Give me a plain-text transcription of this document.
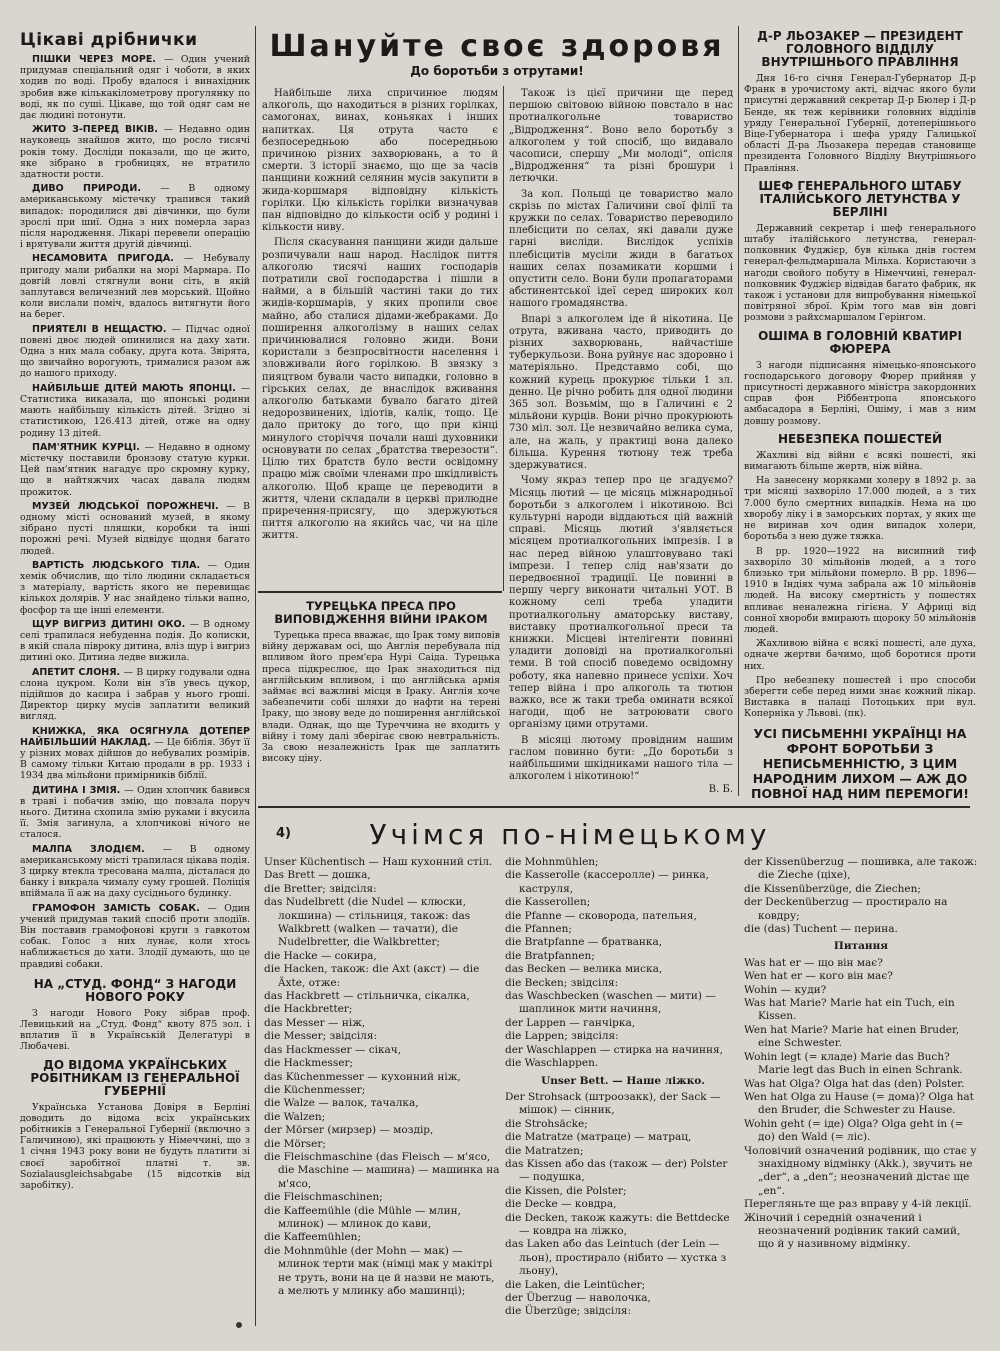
Цікаві дрібнички

ПІШКИ ЧЕРЕЗ МОРЕ. — Один учений придумав спеціальний одяг і чоботи, в яких ходив по воді. Пробу вдалося і винахідник зробив вже кількакілометрову прогулянку по воді, як по суші. Цікаве, що той одяг сам не дає людині потонути.

ЖИТО З-ПЕРЕД ВІКІВ. — Недавно один науковець знайшов жито, що росло тисячі років тому. Досліди показали, що це жито, яке зібрано в гробницях, не втратило здатности рости.

ДИВО ПРИРОДИ. — В одному американському містечку трапився такий випадок: породилися дві дівчинки, що були зрослі при шиї. Одна з них померла зараз після народження. Лікарі перевели операцію і врятували життя другій дівчинці.

НЕСАМОВИТА ПРИГОДА. — Небувалу пригоду мали рибалки на морі Мармара. По довгій ловлі стягнули вони сіть, в якій заплутався величезний лев морський. Щойно коли вислали поміч, вдалось витягнути його на берег.

ПРИЯТЕЛІ В НЕЩАСТЮ. — Підчас одної повені двоє людей опинилися на даху хати. Одна з них мала собаку, друга кота. Звірята, що звичайно ворогують, трималися разом аж до нашого приходу.

НАЙБІЛЬШЕ ДІТЕЙ МАЮТЬ ЯПОНЦІ. — Статистика виказала, що японські родини мають найбільшу кількість дітей. Згідно зі статистикою, 126.413 дітей, отже на одну родину 13 дітей.

ПАМ'ЯТНИК КУРЦІ. — Недавно в одному містечку поставили бронзову статую курки. Цей пам'ятник нагадує про скромну курку, що в найтяжчих часах давала людям прожиток.

МУЗЕЙ ЛЮДСЬКОЇ ПОРОЖНЕЧІ. — В одному місті оснований музей, в якому зібрано пусті пляшки, коробки та інші порожні речі. Музей відвідує щодня багато людей.

ВАРТІСТЬ ЛЮДСЬКОГО ТІЛА. — Один хемік обчислив, що тіло людини складається з матеріалу, вартість якого не перевищає кількох долярів. У нас знайдено тільки вапно, фосфор та ще інші елементи.

ЩУР ВИГРИЗ ДИТИНІ ОКО. — В одному селі трапилася небуденна подія. До колиски, в якій спала півроку дитина, вліз щур і вигриз дитині око. Дитина ледве вижила.

АПЕТИТ СЛОНЯ. — В цирку годували одна слона цукром. Коли він з'їв увесь цукор, підійшов до касира і забрав у нього гроші. Директор цирку мусів заплатити великий вигляд.

КНИЖКА, ЯКА ОСЯГНУЛА ДОТЕПЕР НАЙБІЛЬШИЙ НАКЛАД. — Це біблія. Збут її у різних мовах дійшов до небувалих розмірів. В самому тільки Китаю продали в рр. 1933 і 1934 два мільйони примірників біблії.

ДИТИНА І ЗМІЯ. — Один хлопчик бавився в траві і побачив змію, що повзала поруч нього. Дитина схопила змію руками і вкусила її. Змія загинула, а хлопчикові нічого не сталося.

МАЛПА ЗЛОДІЄМ. — В одному американському місті трапилася цікава подія. З цирку втекла тресована малпа, дісталася до банку і викрала чималу суму грошей. Поліція впіймала її аж на даху сусіднього будинку.

ГРАМОФОН ЗАМІСТЬ СОБАК. — Один учений придумав такий спосіб проти злодіїв. Він поставив грамофонові круги з гавкотом собак. Голос з них лунає, коли хтось наближається до хати. Злодії думають, що це правдиві собаки.

НА „СТУД. ФОНД“ З НАГОДИ НОВОГО РОКУ

З нагоди Нового Року зібрав проф. Левицький на „Студ. Фонд“ квоту 875 зол. і вплатив її в Українській Делегатурі в Любачеві.

ДО ВІДОМА УКРАЇНСЬКИХ РОБІТНИКАМ ІЗ ГЕНЕРАЛЬНОЇ ГУБЕРНІЇ

Українська Установа Довіря в Берліні доводить до відома всіх українських робітників з Генеральної Губернії (включно з Галичиною), які працюють у Німеччині, що з 1 січня 1943 року вони не будуть платити зі своєї заробітної платні т. зв. Sozialausgleichsabgabe (15 відсотків від заробітку).

Шануйте своє здоровя
До боротьби з отрутами!

Найбільше лиха спричинюе людям алкоголь, що находиться в різних горілках, самогонах, винах, коньяках і інших напитках. Ця отрута часто є безпосередньою або посередньою причиною різних захворювань, а то й смерти. З історії знаємо, що ще за часів панщини кожний селянин мусів закупити в жида-коршмаря відповідну кількість горілки. Цю кількість горілки визначував пан відповідно до кількости осіб у родині і кількости ниву.

Після скасування панщини жиди дальше розпичували наш народ. Наслідок пиття алкоголю тисячі наших господарів потратили свої господарства і пішли в найми, а в більшій частині таки до тих жидів-коршмарів, у яких пропили своє майно, або сталися дідами-жебраками. До поширення алкоголізму в наших селах причинювалися головно жиди. Вони користали з безпросвітности населення і зловживали його горілкою. В звязку з пияцтвом бували часто випадки, головно в гірських селах, де внаслідок вживання алкоголю батьками бувало багато дітей недорозвинених, ідіотів, калік, тощо. Це дало притоку до того, що при кінці минулого сторіччя почали наші духовники основувати по селах „братства тверезости“. Цілю тих братств було вести освідомну працю між своїми членами про шкідливість алкоголю. Щоб краще це переводити в життя, члени складали в церкві прилюдне приречення-присягу, що здержуються пиття алкоголю на якийсь час, чи на ціле життя.

Також із цієї причини ще перед першою світовою війною повстало в нас протиалкогольне товариство „Відродження“. Воно вело боротьбу з алкоголем у той спосіб, що видавало часописи, спершу „Ми молоді“, опісля „Відродження“ та різні брошури і летючки.

За кол. Польщі це товариство мало скрізь по містах Галичини свої філії та кружки по селах. Товариство переводило плебісцити по селах, які давали дуже гарні висліди. Вислідок успіхів плебісцитів мусіли жиди в багатьох наших селах позамикати коршми і опустити село. Вони були пропагаторами абстинентської ідеї серед широких кол нашого громадянства.

Впарі з алкоголем іде й нікотина. Це отрута, вживана часто, приводить до різних захворювань, найчастіше туберкульози. Вона руйнує нас здоровно і матеріяльно. Представмо собі, що кожний курець прокурює тільки 1 зл. денно. Це річно робить для одної людини 365 зол. Возьмім, що в Галичині є 2 мільйони курців. Вони річно прокурюють 730 міл. зол. Це незвичайно велика сума, але, на жаль, у практиці вона далеко більша. Курення тютюну теж треба здержуватися.

Чому якраз тепер про це згадуємо? Місяць лютий — це місяць міжнародньої боротьби з алкоголем і нікотиною. Всі культурні народи віддаються цій важній справі. Місяць лютий з'являється місяцем протиалкогольних імпрезів. І в нас перед війною улаштовувано такі імпрези. І тепер слід нав'язати до передвоєнної традиції. Це повинні в першу чергу виконати читальні УОТ. В кожному селі треба уладити протиалкогольну аматорську виставу, виставку протиалкогольної преси та книжки. Місцеві інтелігенти повинні уладити доповіді на протиалкогольні теми. В той спосіб поведемо освідомну роботу, яка напевно принесе успіхи. Хоч тепер війна і про алкоголь та тютюн важко, все ж таки треба оминати всякої нагоди, щоб не затроювати свого організму цими отрутами.

В місяці лютому провідним нашим гаслом повинно бути: „До боротьби з найбільшими шкідниками нашого тіла — алкоголем і нікотиною!“

В. Б.
ТУРЕЦЬКА ПРЕСА ПРО ВИПОВІДЖЕННЯ ВІЙНИ ІРАКОМ

Турецька преса вважає, що Ірак тому виповів війну державам осі, що Англія перебувала під впливом його прем'єра Нурі Саіда. Турецька преса підкреслює, що Ірак знаходиться під англійським впливом, і що англійська армія займає всі важливі місця в Іраку. Англія хоче забезпечити собі шляхи до нафти на терені Іраку, що знову веде до поширення англійської влади. Однак, що ще Туреччина не входить у війну і тому далі зберігає свою невтральність. За свою незалежність Ірак ще заплатить високу ціну.

Д-Р ЛЬОЗАКЕР — ПРЕЗИДЕНТ ГОЛОВНОГО ВІДДІЛУ ВНУТРІШНЬОГО ПРАВЛІННЯ

Дня 16-го січня Генерал-Губернатор Д-р Франк в урочистому акті, відчас якого були присутні державний секретар Д-р Бюлер і Д-р Бенде, як теж керівники головних відділів уряду Генеральної Губернії, дотеперішнього Віце-Губернатора і шефа уряду Галицької області Д-ра Льозакера передав становище президента Головного Відділу Внутрішнього Правління.

ШЕФ ГЕНЕРАЛЬНОГО ШТАБУ ІТАЛІЙСЬКОГО ЛЕТУНСТВА У БЕРЛІНІ

Державний секретар і шеф генерального штабу італійського летунства, генерал-полковник Фуджієр, був кілька днів гостем генерал-фельдмаршала Мільха. Користаючи з нагоди свойого побуту в Німеччині, генерал-полковник Фуджієр відвідав багато фабрик, як також і установи для випробування німецької повітряної зброї. Крім того мав він довгі розмови з райхсмаршалом Герінгом.

ОШІМА В ГОЛОВНІЙ КВАТИРІ ФЮРЕРА

З нагоди підписання німецько-японського господарського договору Фюрер прийняв у присутності державного міністра закордонних справ фон Ріббентропа японського амбасадора в Берліні, Ошіму, і мав з ним довшу розмову.

НЕБЕЗПЕКА ПОШЕСТЕЙ

Жахливі від війни є всякі пошесті, які вимагають більше жертв, ніж війна.

На занесену моряками холеру в 1892 р. за три місяці захворіло 17.000 людей, а з тих 7.000 було смертних випадків. Нема на цю хворобу ліку і в заморських портах, у яких ще не виринав хоч один випадок холери, боротьба з нею дуже тяжка.

В рр. 1920—1922 на висипний тиф захворіло 30 мільйонів людей, а з того близько три мільйони померло. В рр. 1896—1910 в Індіях чума забрала аж 10 мільйонів людей. На високу смертність у пошестях впливає неналежна гігієна. У Африці від сонної хвороби вмирають щороку 50 мільйонів людей.

Жахливою війна є всякі пошесті, але духа, одначе жертви бачимо, щоб боротися проти них.

Про небезпеку пошестей і про способи зберегти себе перед ними знає кожний лікар. Виставка в палаці Потоцьких при вул. Коперніка у Львові. (пк).

УСІ ПИСЬМЕННІ УКРАЇНЦІ НА ФРОНТ БОРОТЬБИ З НЕПИСЬМЕННІСТЮ, З ЦИМ НАРОДНИМ ЛИХОМ — АЖ ДО ПОВНОЇ НАД НИМ ПЕРЕМОГИ!
4)	Учімся по-німецькому

Unser Küchentisch — Наш кухонний стіл.

Das Brett — дошка,

die Bretter; звідсіля:

das Nudelbrett (die Nudel — клюски, локшина) — стільниця, також: das Walkbrett (walken — тачати), die Nudelbretter, die Walkbretter;

die Hacke — сокира,

die Hacken, також: die Axt (акст) — die Äxte, отже:

das Hackbrett — стільничка, сікалка,

die Hackbretter;

das Messer — ніж,

die Messer; звідсіля:

das Hackmesser — сікач,

die Hackmesser;

das Küchenmesser — кухонний ніж,

die Küchenmesser;

die Walze — валок, тачалка,

die Walzen;

der Mörser (мирзер) — моздір,

die Mörser;

die Fleischmaschine (das Fleisch — м'ясо, die Maschine — машина) — машинка на м'ясо,

die Fleischmaschinen;

die Kaffeemühle (die Mühle — млин, млинок) — млинок до кави,

die Kaffeemühlen;

die Mohnmühle (der Mohn — мак) — млинок терти мак (німці мак у макітрі не труть, вони на це й назви не мають, а мелють у млинку або машинці);

die Mohnmühlen;

die Kasserolle (кассеролле) — ринка, каструля,

die Kasserollen;

die Pfanne — сковорода, пательня,

die Pfannen;

die Bratpfanne — братванка,

die Bratpfannen;

das Becken — велика миска,

die Becken; звідсіля:

das Waschbecken (waschen — мити) — шаплинок мити начиння,

der Lappen — ганчірка,

die Lappen; звідсіля:

der Waschlappen — стирка на начиння,

die Waschlappen.

Unser Bett. — Наше ліжко.

Der Strohsack (штроозакк), der Sack — мішок) — сінник,

die Strohsäcke;

die Matratze (матраце) — матрац,

die Matratzen;

das Kissen або das (також — der) Polster — подушка,

die Kissen, die Polster;

die Decke — ковдра,

die Decken, також кажуть: die Bettdecke — ковдра на ліжко,

das Laken або das Leintuch (der Lein — льон), простирало (нібито — хустка з льону),

die Laken, die Leintücher;

der Überzug — наволочка,

die Überzüge; звідсіля:

der Kissenüberzug — пошивка, але також: die Zieche (ціхе),

die Kissenüberzüge, die Ziechen;

der Deckenüberzug — простирало на ковдру;

die (das) Tuchent — перина.

Питання

Was hat er — що він має?

Wen hat er — кого він має?

Wohin — куди?

Was hat Marie? Marie hat ein Tuch, ein Kissen.

Wen hat Marie? Marie hat einen Bruder, eine Schwester.

Wohin legt (= кладе) Marie das Buch? Marie legt das Buch in einen Schrank.

Was hat Olga? Olga hat das (den) Polster.

Wen hat Olga zu Hause (= дома)? Olga hat den Bruder, die Schwester zu Hause.

Wohin geht (= іде) Olga? Olga geht in (= до) den Wald (= ліс).

Чоловічий означений родівник, що стає у знахідному відмінку (Akk.), звучить не „der“, а „den“; неозначений дістає ще „en“.

Перегляньте ще раз вправу у 4-ій лекції.

Жіночий і середній означений і неозначений родівник такий самий, що й у називному відмінку.
